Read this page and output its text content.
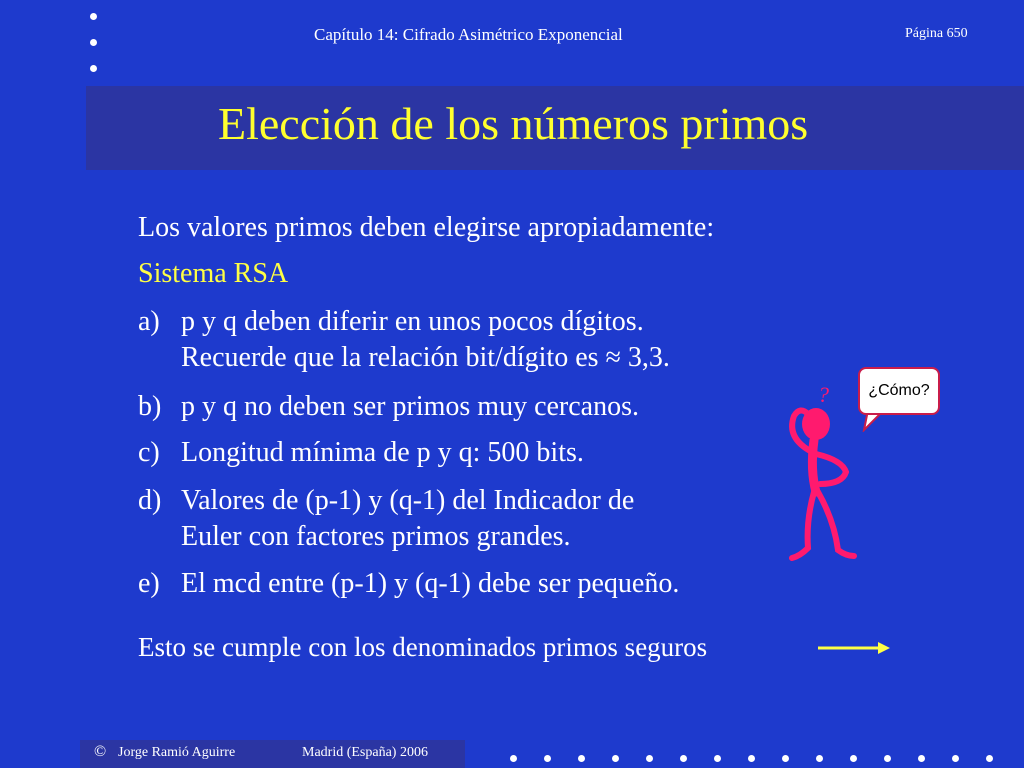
Capítulo 14: Cifrado Asimétrico Exponencial	Página 650
Elección de los números primos
Los valores primos deben elegirse apropiadamente:
Sistema RSA
a) p y q deben diferir en unos pocos dígitos.
Recuerde que la relación bit/dígito es ≈ 3,3.
b) p y q no deben ser primos muy cercanos.
c) Longitud mínima de p y q: 500 bits.
d) Valores de (p-1) y (q-1) del Indicador de
Euler con factores primos grandes.
e) El mcd entre (p-1) y (q-1) debe ser pequeño.
Esto se cumple con los denominados primos seguros
¿Cómo?
?
© Jorge Ramió Aguirre	Madrid (España) 2006
